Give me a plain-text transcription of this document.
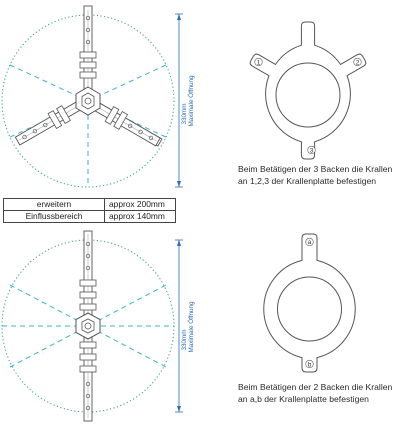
330mm Maximale Öffnung
330mm Maximale Öffnung
1	2
3
a
b
erweitern	approx 200mm
Einflussbereich	approx 140mm
Beim Betätigen der 3 Backen die Krallen
an 1,2,3 der Krallenplatte befestigen
Beim Betätigen der 2 Backen die Krallen
an a,b der Krallenplatte befestigen
